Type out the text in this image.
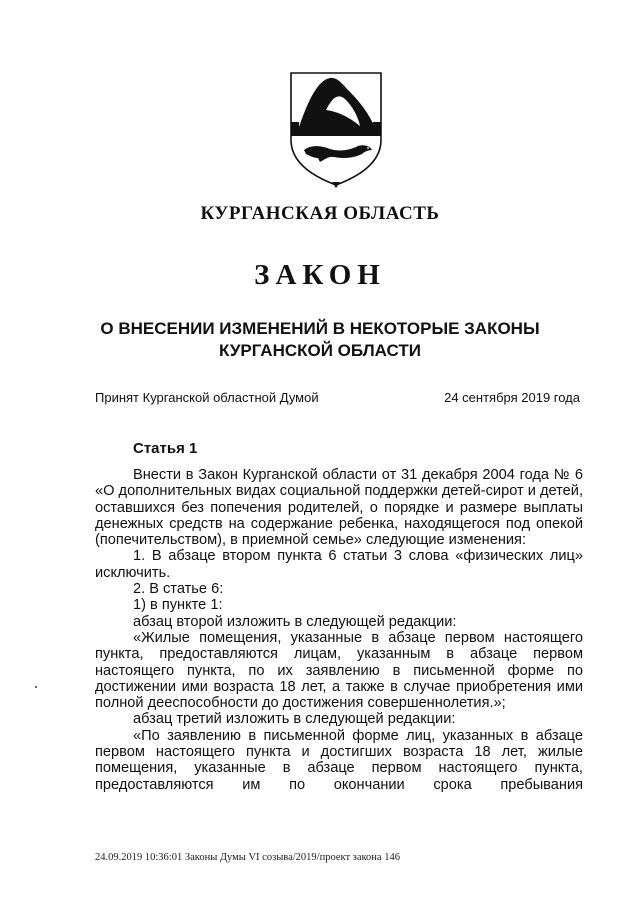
КУРГАНСКАЯ ОБЛАСТЬ
ЗАКОН
О ВНЕСЕНИИ ИЗМЕНЕНИЙ В НЕКОТОРЫЕ ЗАКОНЫ
КУРГАНСКОЙ ОБЛАСТИ
Принят Курганской областной Думой	24 сентября 2019 года
Статья 1

Внести в Закон Курганской области от 31 декабря 2004 года № 6 «О дополнительных видах социальной поддержки детей-сирот и детей, оставшихся без попечения родителей, о порядке и размере выплаты денежных средств на содержание ребенка, находящегося под опекой (попечительством), в приемной семье» следующие изменения:

1. В абзаце втором пункта 6 статьи 3 слова «физических лиц» исключить.

2. В статье 6:

1) в пункте 1:

абзац второй изложить в следующей редакции:

«Жилые помещения, указанные в абзаце первом настоящего пункта, предоставляются лицам, указанным в абзаце первом настоящего пункта, по их заявлению в письменной форме по достижении ими возраста 18 лет, а также в случае приобретения ими полной дееспособности до достижения совершеннолетия.»;

абзац третий изложить в следующей редакции:

«По заявлению в письменной форме лиц, указанных в абзаце первом настоящего пункта и достигших возраста 18 лет, жилые помещения, указанные в абзаце первом настоящего пункта, предоставляются им по окончании срока пребывания

24.09.2019 10:36:01 Законы Думы VI созыва/2019/проект закона 146
